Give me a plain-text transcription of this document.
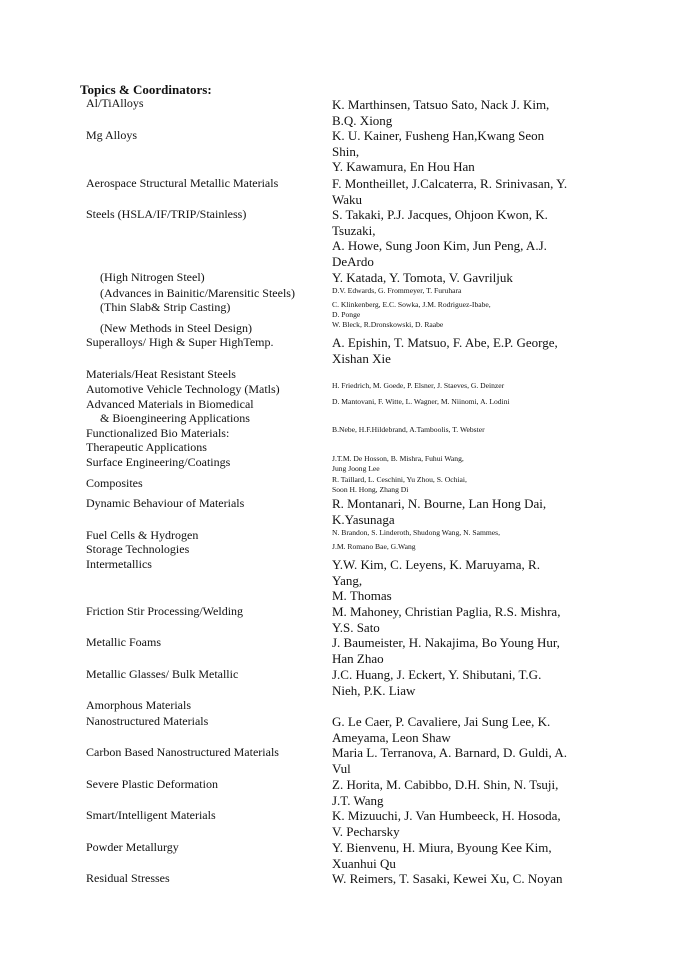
Topics & Coordinators:
Al/TiAlloys
Mg Alloys
Aerospace Structural Metallic Materials
Steels (HSLA/IF/TRIP/Stainless)
(High Nitrogen Steel)
(Advances in Bainitic/Marensitic Steels)
(Thin Slab& Strip Casting)
(New Methods in Steel Design)
Superalloys/ High & Super HighTemp.
Materials/Heat Resistant Steels
Automotive Vehicle Technology (Matls)
Advanced Materials in Biomedical
& Bioengineering Applications
Functionalized Bio Materials:
Therapeutic Applications
Surface Engineering/Coatings
Composites
Dynamic Behaviour of Materials
Fuel Cells & Hydrogen
Storage Technologies
Intermetallics
Friction Stir Processing/Welding
Metallic Foams
Metallic Glasses/ Bulk Metallic
Amorphous Materials
Nanostructured Materials
Carbon Based Nanostructured Materials
Severe Plastic Deformation
Smart/Intelligent Materials
Powder Metallurgy
Residual Stresses
K. Marthinsen, Tatsuo Sato, Nack J. Kim,
B.Q. Xiong
K. U. Kainer, Fusheng Han,Kwang Seon
Shin,
Y. Kawamura, En Hou Han
F. Montheillet, J.Calcaterra, R. Srinivasan, Y.
Waku
S. Takaki, P.J. Jacques, Ohjoon Kwon, K.
Tsuzaki,
A. Howe, Sung Joon Kim, Jun Peng, A.J.
DeArdo
Y. Katada, Y. Tomota, V. Gavriljuk
D.V. Edwards, G. Frommeyer, T. Furuhara
C. Klinkenberg, E.C. Sowka, J.M. Rodriguez-Ibabe,
D. Ponge
W. Bleck, R.Dronskowski, D. Raabe
A. Epishin, T. Matsuo, F. Abe, E.P. George,
Xishan Xie
H. Friedrich, M. Goede, P. Elsner, J. Staeves, G. Deinzer
D. Mantovani, F. Witte, L. Wagner, M. Niinomi, A. Lodini
B.Nebe, H.F.Hildebrand, A.Tamboolis, T. Webster
J.T.M. De Hosson, B. Mishra, Fuhui Wang,
Jung Joong Lee
R. Taillard, L. Ceschini, Yu Zhou, S. Ochiai,
Soon H. Hong, Zhang Di
R. Montanari, N. Bourne, Lan Hong Dai,
K.Yasunaga
N. Brandon, S. Linderoth, Shudong Wang, N. Sammes,
J.M. Romano Bae, G.Wang
Y.W. Kim, C. Leyens, K. Maruyama, R.
Yang,
M. Thomas
M. Mahoney, Christian Paglia, R.S. Mishra,
Y.S. Sato
J. Baumeister, H. Nakajima, Bo Young Hur,
Han Zhao
J.C. Huang, J. Eckert, Y. Shibutani, T.G.
Nieh, P.K. Liaw
G. Le Caer, P. Cavaliere, Jai Sung Lee, K.
Ameyama, Leon Shaw
Maria L. Terranova, A. Barnard, D. Guldi, A.
Vul
Z. Horita, M. Cabibbo, D.H. Shin, N. Tsuji,
J.T. Wang
K. Mizuuchi, J. Van Humbeeck, H. Hosoda,
V. Pecharsky
Y. Bienvenu, H. Miura, Byoung Kee Kim,
Xuanhui Qu
W. Reimers, T. Sasaki, Kewei Xu, C. Noyan
